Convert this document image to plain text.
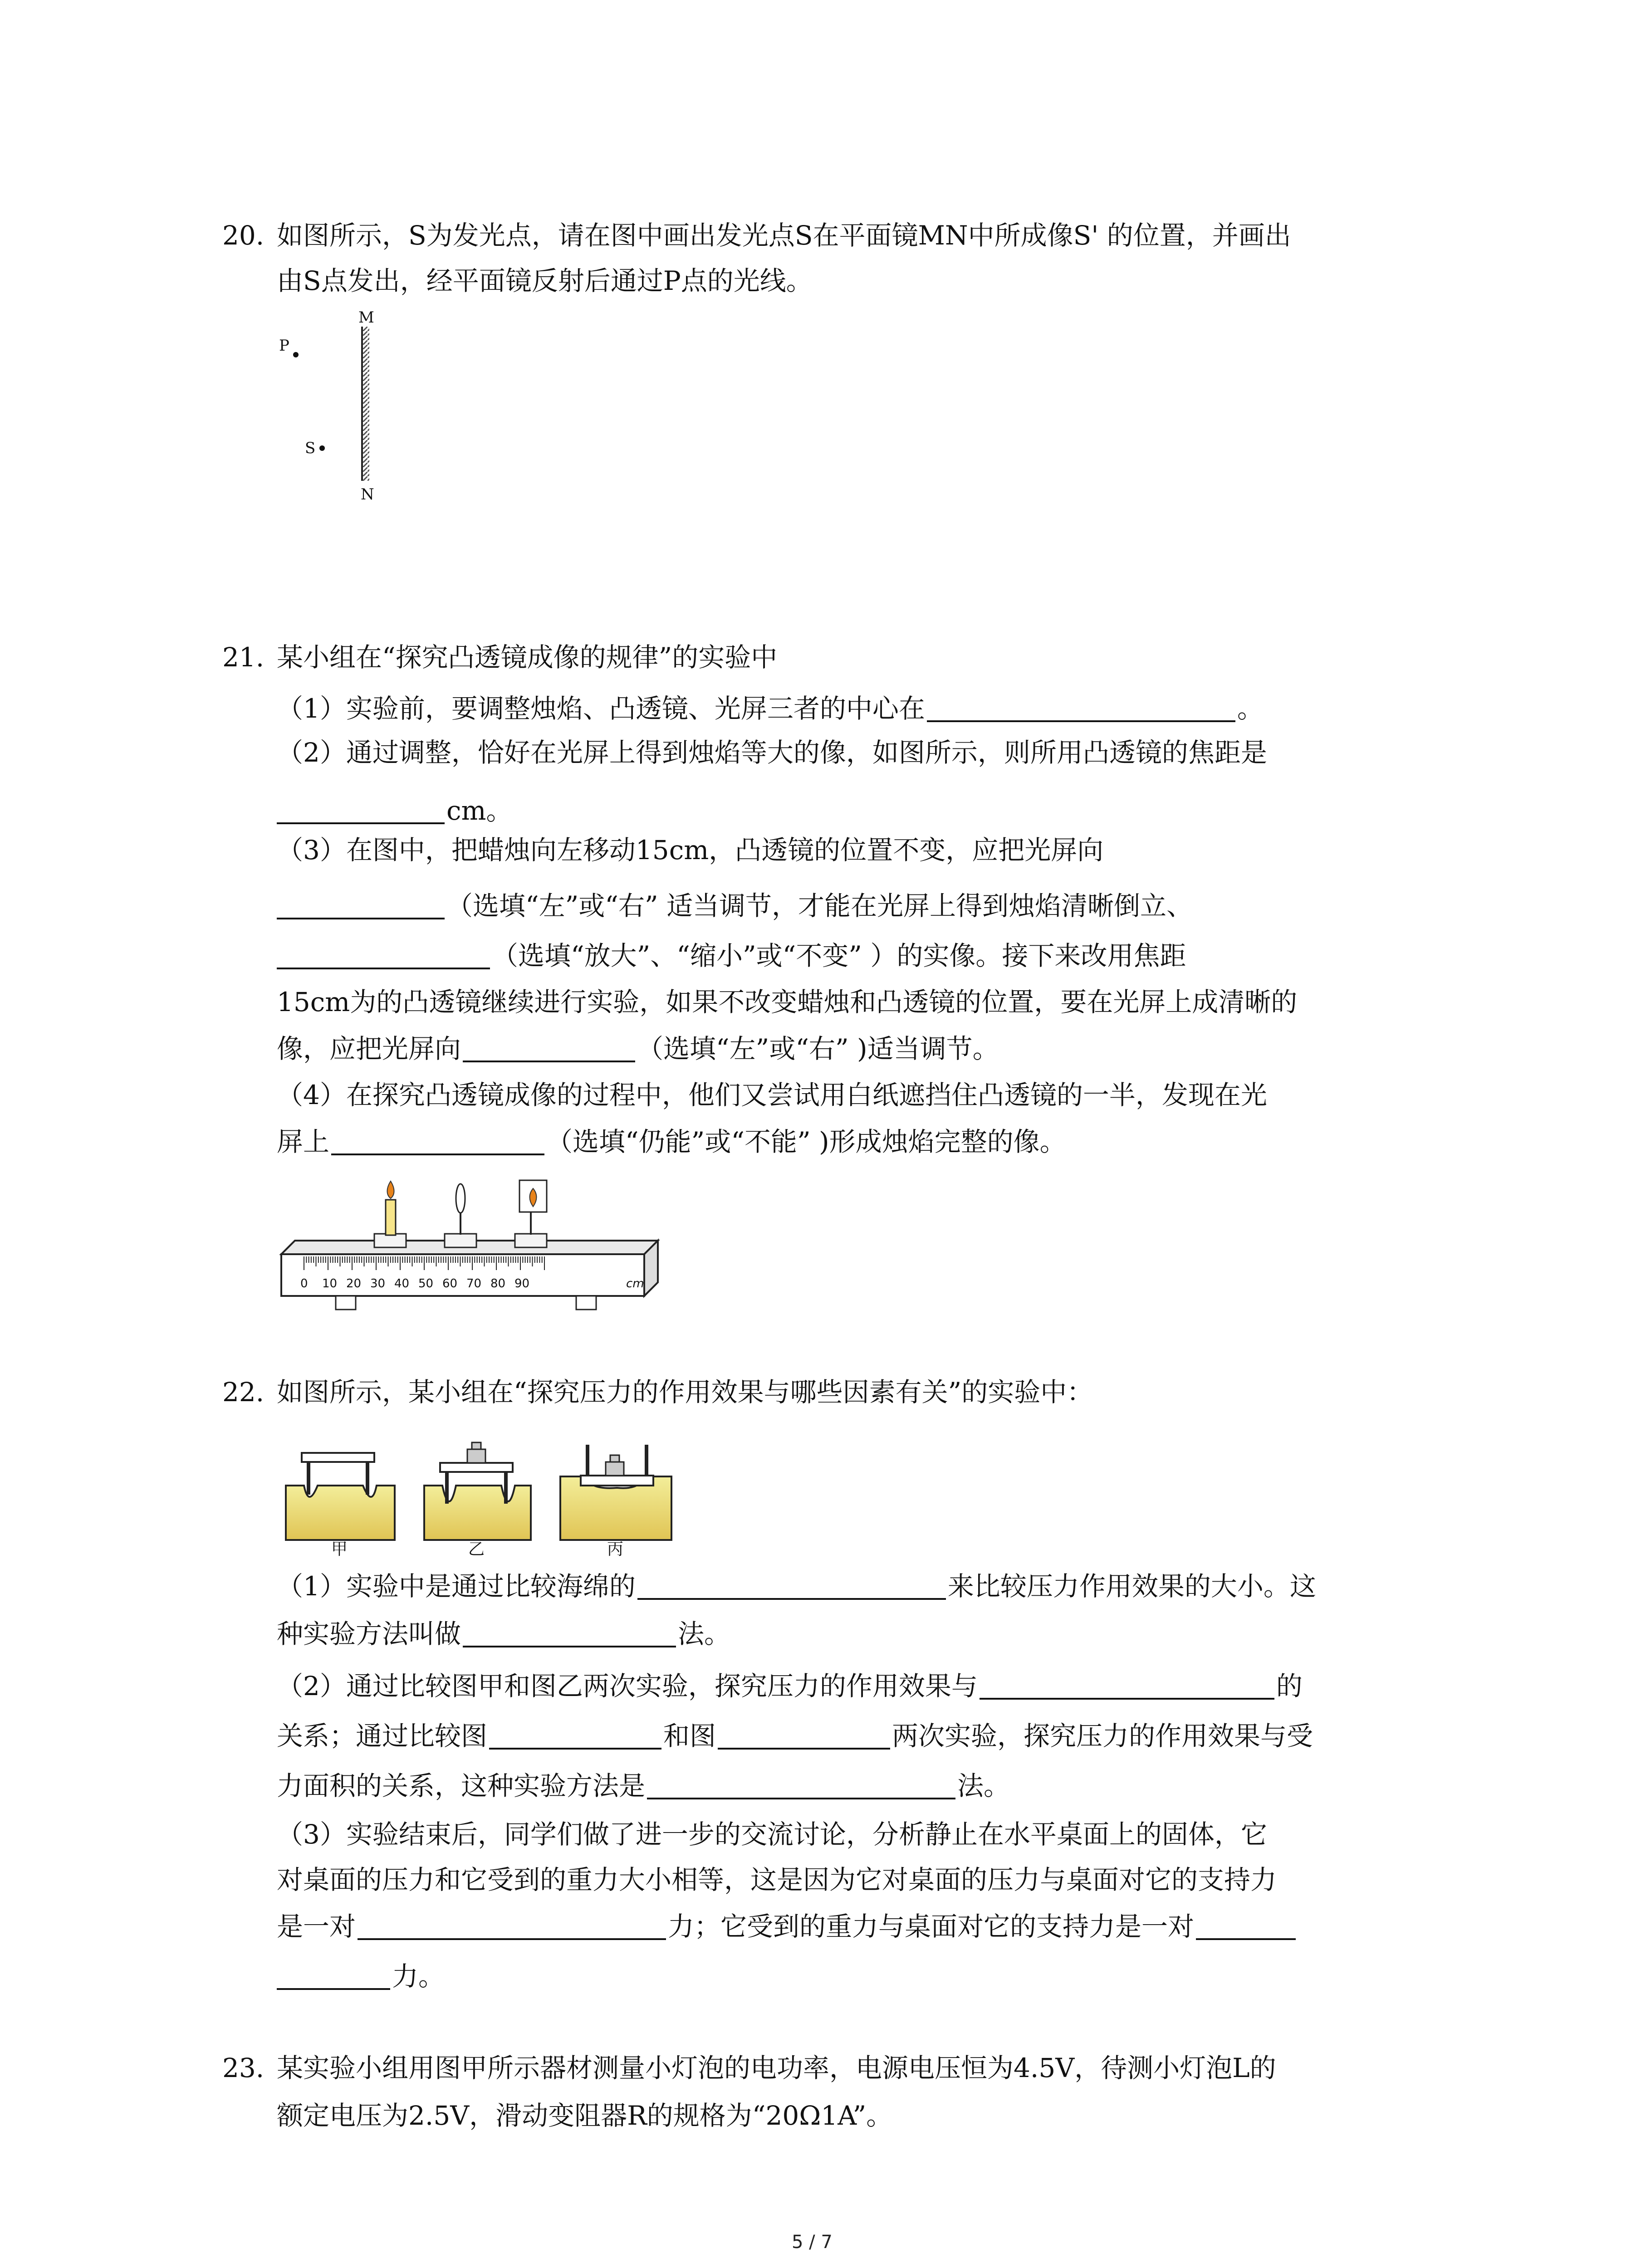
20. 如图所示，S为发光点，请在图中画出发光点S在平面镜MN中所成像S' 的位置，并画出
由S点发出，经平面镜反射后通过P点的光线。
M
N
P
S
21. 某小组在“探究凸透镜成像的规律”的实验中
（1）实验前，要调整烛焰、凸透镜、光屏三者的中心在	。
（2）通过调整，恰好在光屏上得到烛焰等大的像，如图所示，则所用凸透镜的焦距是
cm。
（3）在图中，把蜡烛向左移动15cm，凸透镜的位置不变，应把光屏向
（选填“左”或“右” 适当调节，才能在光屏上得到烛焰清晰倒立、
（选填“放大”、“缩小”或“不变” ）的实像。接下来改用焦距
15cm为的凸透镜继续进行实验，如果不改变蜡烛和凸透镜的位置，要在光屏上成清晰的
像，应把光屏向	（选填“左”或“右” )适当调节。
（4）在探究凸透镜成像的过程中，他们又尝试用白纸遮挡住凸透镜的一半，发现在光
屏上	（选填“仍能”或“不能” )形成烛焰完整的像。
0 10 20 30 40 50 60 70 80 90	cm
22. 如图所示，某小组在“探究压力的作用效果与哪些因素有关”的实验中：
甲	乙	丙
（1）实验中是通过比较海绵的	来比较压力作用效果的大小。这
种实验方法叫做	法。
（2）通过比较图甲和图乙两次实验，探究压力的作用效果与	的
关系；通过比较图	和图	两次实验，探究压力的作用效果与受
力面积的关系，这种实验方法是	法。
（3）实验结束后，同学们做了进一步的交流讨论，分析静止在水平桌面上的固体，它
对桌面的压力和它受到的重力大小相等，这是因为它对桌面的压力与桌面对它的支持力
是一对	力；它受到的重力与桌面对它的支持力是一对
力。
23. 某实验小组用图甲所示器材测量小灯泡的电功率，电源电压恒为4.5V，待测小灯泡L的
额定电压为2.5V，滑动变阻器R的规格为“20Ω1A”。
5 / 7
